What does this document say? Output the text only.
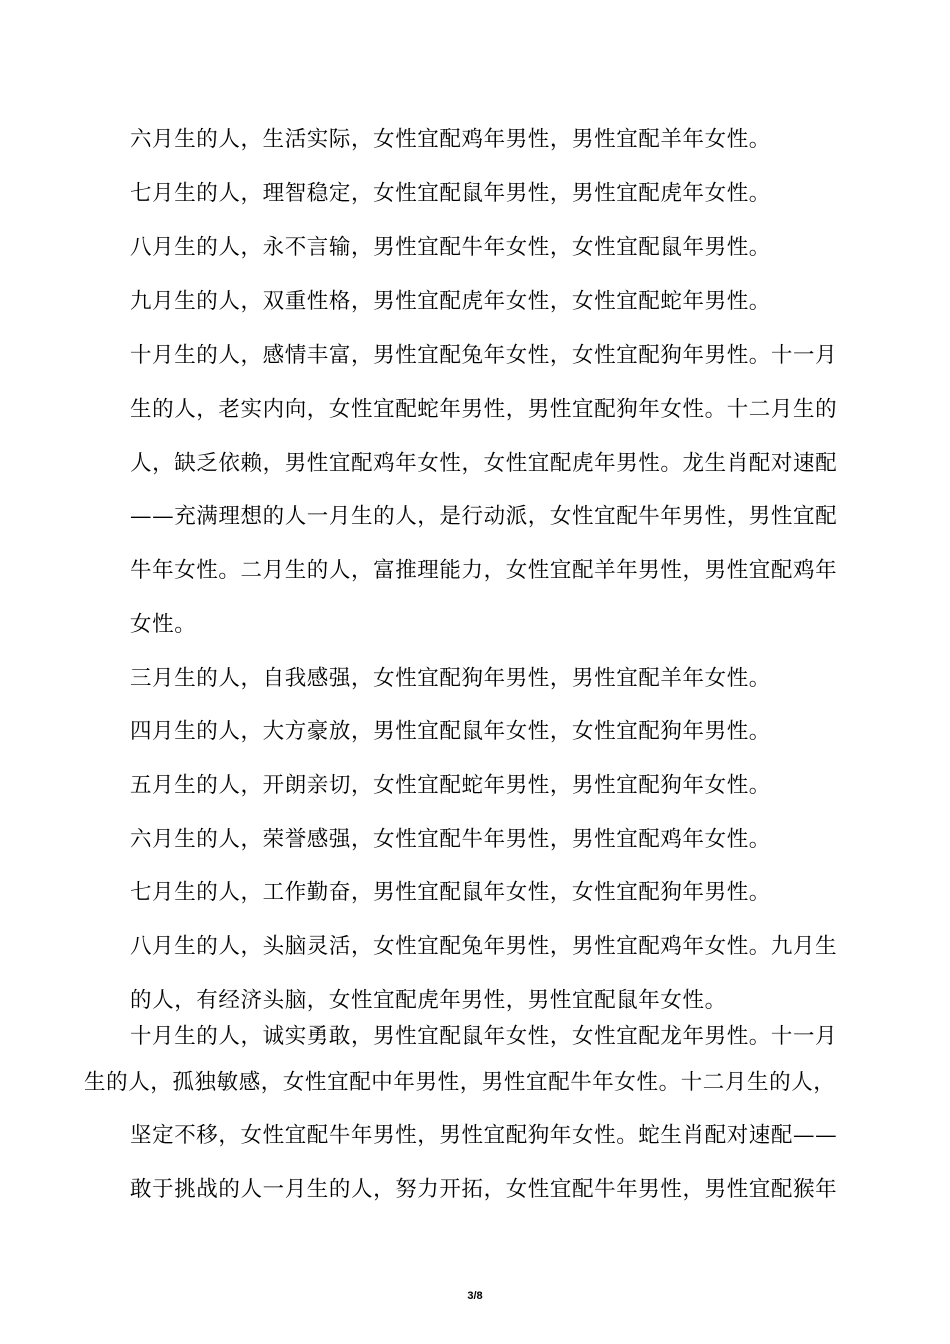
六月生的人，生活实际，女性宜配鸡年男性，男性宜配羊年女性。
七月生的人，理智稳定，女性宜配鼠年男性，男性宜配虎年女性。
八月生的人，永不言输，男性宜配牛年女性，女性宜配鼠年男性。
九月生的人，双重性格，男性宜配虎年女性，女性宜配蛇年男性。
十月生的人，感情丰富，男性宜配兔年女性，女性宜配狗年男性。十一月
生的人，老实内向，女性宜配蛇年男性，男性宜配狗年女性。十二月生的
人，缺乏依赖，男性宜配鸡年女性，女性宜配虎年男性。龙生肖配对速配
——充满理想的人一月生的人，是行动派，女性宜配牛年男性，男性宜配
牛年女性。二月生的人，富推理能力，女性宜配羊年男性，男性宜配鸡年
女性。
三月生的人，自我感强，女性宜配狗年男性，男性宜配羊年女性。
四月生的人，大方豪放，男性宜配鼠年女性，女性宜配狗年男性。
五月生的人，开朗亲切，女性宜配蛇年男性，男性宜配狗年女性。
六月生的人，荣誉感强，女性宜配牛年男性，男性宜配鸡年女性。
七月生的人，工作勤奋，男性宜配鼠年女性，女性宜配狗年男性。
八月生的人，头脑灵活，女性宜配兔年男性，男性宜配鸡年女性。九月生
的人，有经济头脑，女性宜配虎年男性，男性宜配鼠年女性。
十月生的人，诚实勇敢，男性宜配鼠年女性，女性宜配龙年男性。十一月
生的人，孤独敏感，女性宜配中年男性，男性宜配牛年女性。十二月生的人，
坚定不移，女性宜配牛年男性，男性宜配狗年女性。蛇生肖配对速配——
敢于挑战的人一月生的人，努力开拓，女性宜配牛年男性，男性宜配猴年
3/8
